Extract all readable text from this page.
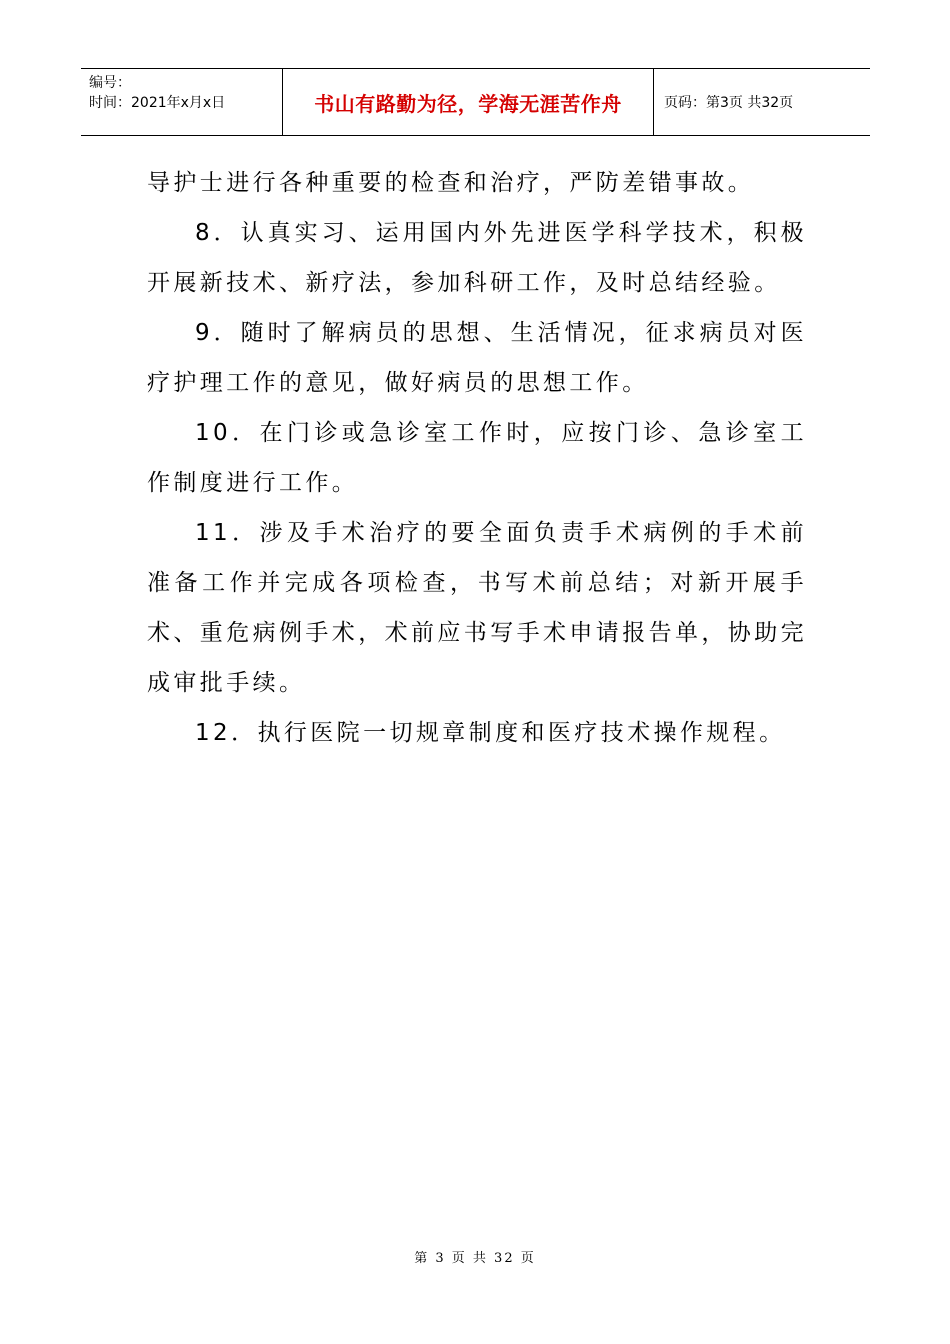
编号：
时间：2021年x月x日	书山有路勤为径，学海无涯苦作舟	页码：第3页 共32页

导护士进行各种重要的检查和治疗，严防差错事故。

8．认真实习、运用国内外先进医学科学技术，积极开展新技术、新疗法，参加科研工作，及时总结经验。

9．随时了解病员的思想、生活情况，征求病员对医疗护理工作的意见，做好病员的思想工作。

10．在门诊或急诊室工作时，应按门诊、急诊室工作制度进行工作。

11．涉及手术治疗的要全面负责手术病例的手术前准备工作并完成各项检查，书写术前总结；对新开展手术、重危病例手术，术前应书写手术申请报告单，协助完成审批手续。

12．执行医院一切规章制度和医疗技术操作规程。

第 3 页 共 32 页
